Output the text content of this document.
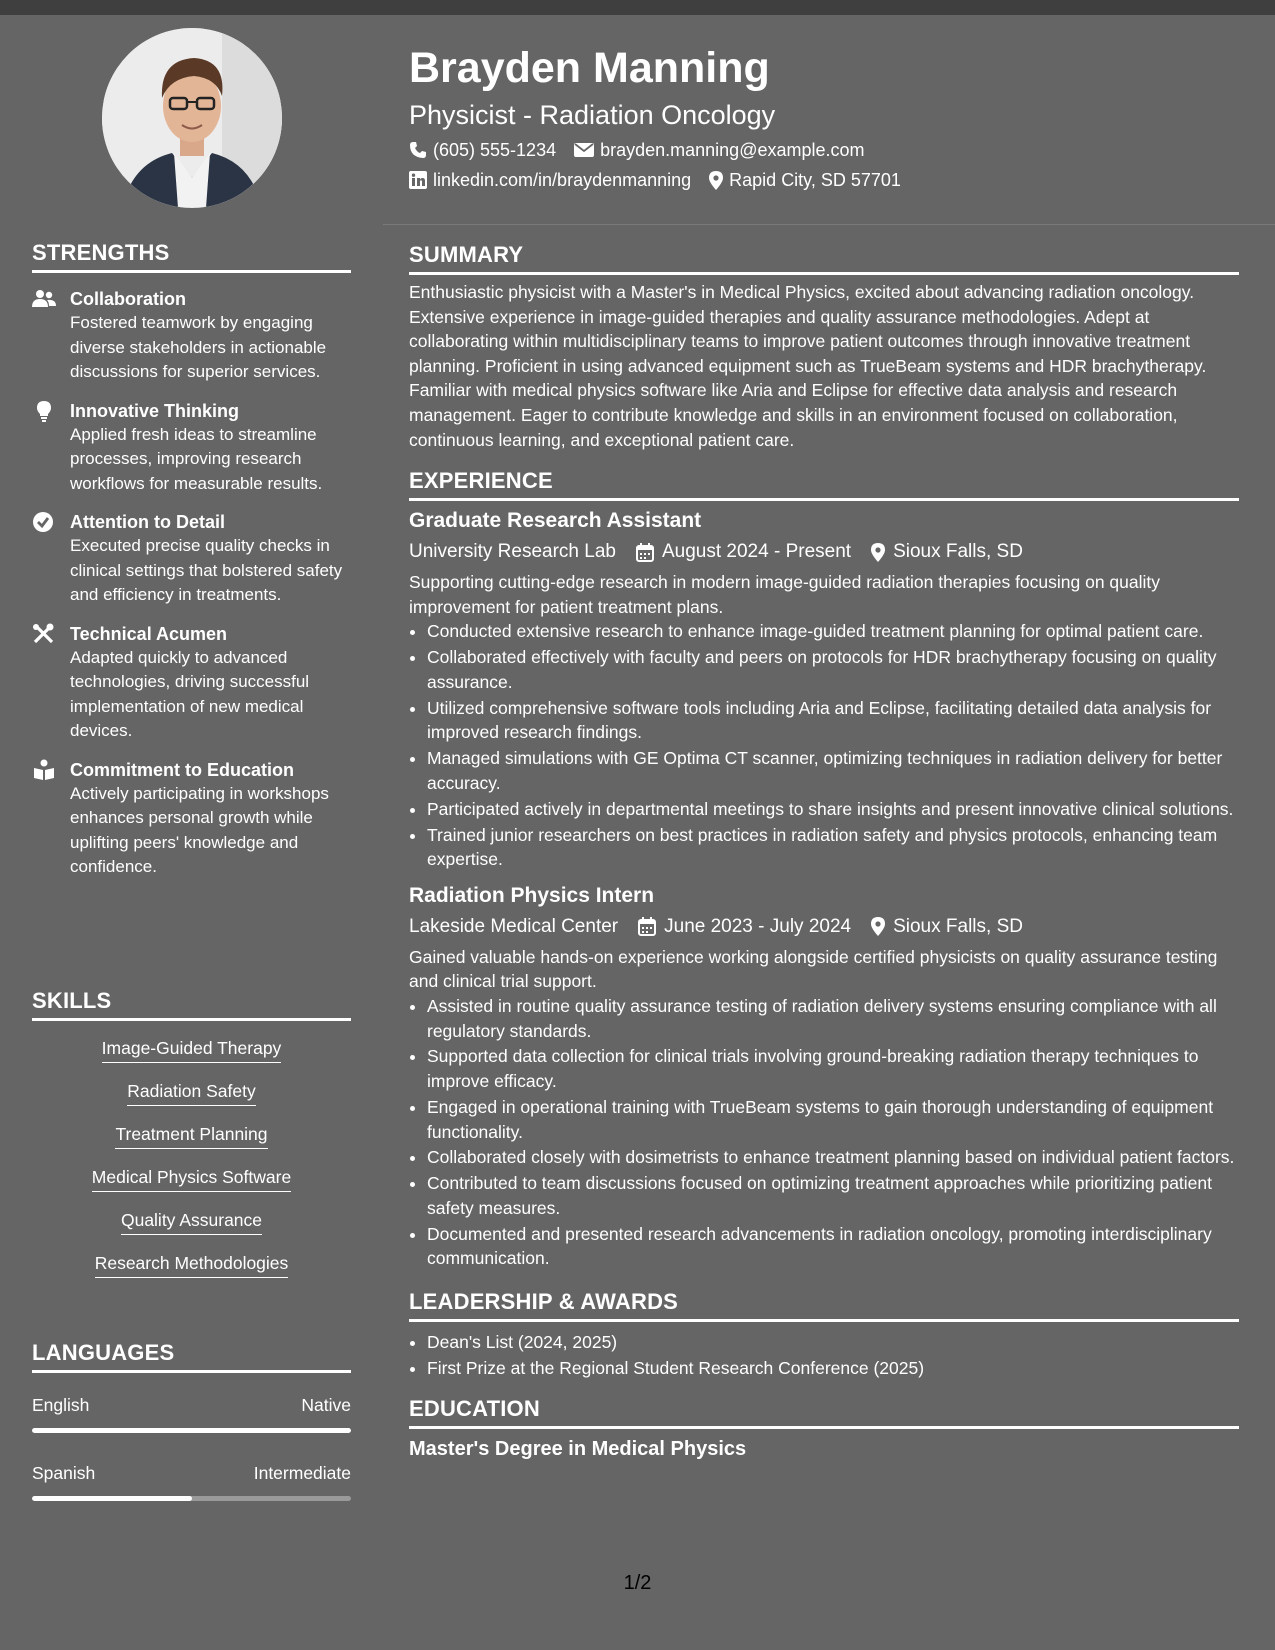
STRENGTHS
Collaboration
Fostered teamwork by engaging diverse stakeholders in actionable discussions for superior services.
Innovative Thinking
Applied fresh ideas to streamline processes, improving research workflows for measurable results.
Attention to Detail
Executed precise quality checks in clinical settings that bolstered safety and efficiency in treatments.
Technical Acumen
Adapted quickly to advanced technologies, driving successful implementation of new medical devices.
Commitment to Education
Actively participating in workshops enhances personal growth while uplifting peers' knowledge and confidence.
SKILLS
Image-Guided Therapy
Radiation Safety
Treatment Planning
Medical Physics Software
Quality Assurance
Research Methodologies
LANGUAGES
English	Native
Spanish	Intermediate
Brayden Manning
Physicist - Radiation Oncology
(605) 555-1234 brayden.manning@example.com
linkedin.com/in/braydenmanning Rapid City, SD 57701
SUMMARY

Enthusiastic physicist with a Master's in Medical Physics, excited about advancing radiation oncology. Extensive experience in image-guided therapies and quality assurance methodologies. Adept at collaborating within multidisciplinary teams to improve patient outcomes through innovative treatment planning. Proficient in using advanced equipment such as TrueBeam systems and HDR brachytherapy. Familiar with medical physics software like Aria and Eclipse for effective data analysis and research management. Eager to contribute knowledge and skills in an environment focused on collaboration, continuous learning, and exceptional patient care.

EXPERIENCE
Graduate Research Assistant
University Research Lab August 2024 - Present Sioux Falls, SD
Supporting cutting-edge research in modern image-guided radiation therapies focusing on quality improvement for patient treatment plans.
• Conducted extensive research to enhance image-guided treatment planning for optimal patient care.
• Collaborated effectively with faculty and peers on protocols for HDR brachytherapy focusing on quality assurance.
• Utilized comprehensive software tools including Aria and Eclipse, facilitating detailed data analysis for improved research findings.
• Managed simulations with GE Optima CT scanner, optimizing techniques in radiation delivery for better accuracy.
• Participated actively in departmental meetings to share insights and present innovative clinical solutions.
• Trained junior researchers on best practices in radiation safety and physics protocols, enhancing team expertise.
Radiation Physics Intern
Lakeside Medical Center June 2023 - July 2024 Sioux Falls, SD
Gained valuable hands-on experience working alongside certified physicists on quality assurance testing and clinical trial support.
• Assisted in routine quality assurance testing of radiation delivery systems ensuring compliance with all regulatory standards.
• Supported data collection for clinical trials involving ground-breaking radiation therapy techniques to improve efficacy.
• Engaged in operational training with TrueBeam systems to gain thorough understanding of equipment functionality.
• Collaborated closely with dosimetrists to enhance treatment planning based on individual patient factors.
• Contributed to team discussions focused on optimizing treatment approaches while prioritizing patient safety measures.
• Documented and presented research advancements in radiation oncology, promoting interdisciplinary communication.
LEADERSHIP & AWARDS
• Dean's List (2024, 2025)
• First Prize at the Regional Student Research Conference (2025)
EDUCATION
Master's Degree in Medical Physics
1/2
